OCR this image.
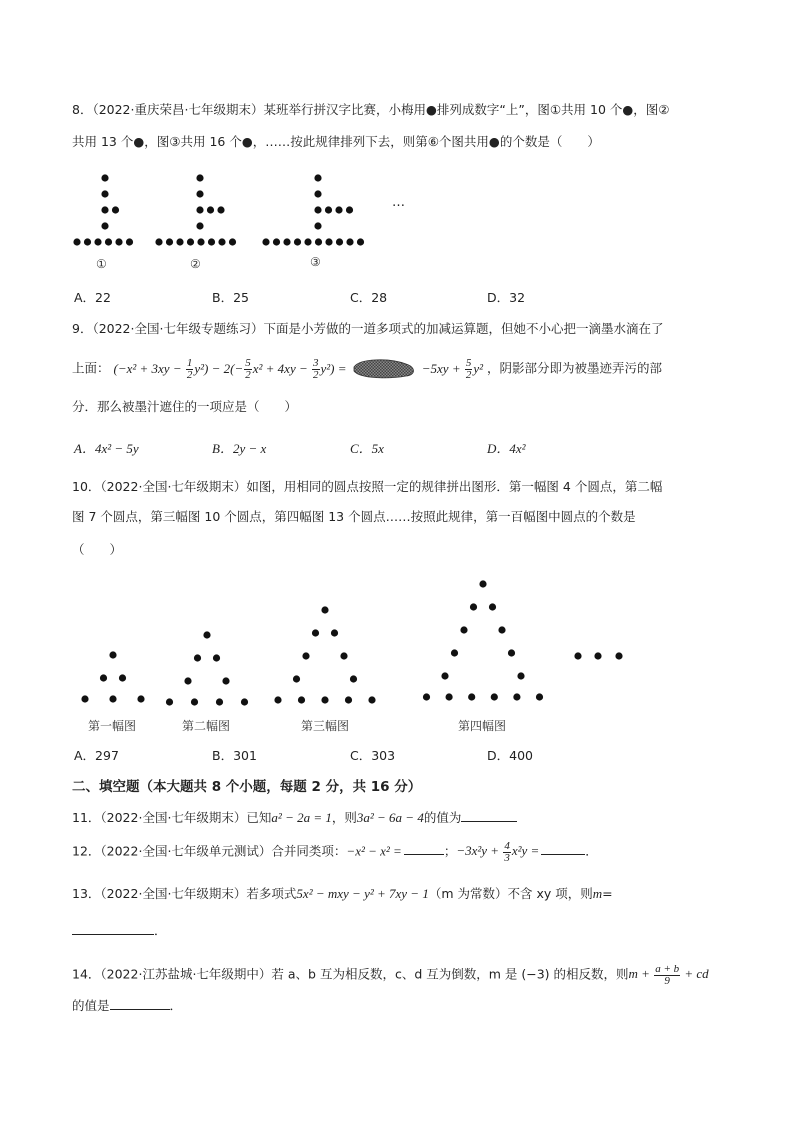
8．（2022·重庆荣昌·七年级期末）某班举行拼汉字比赛，小梅用●排列成数字“上”，图①共用 10 个●，图②
共用 13 个●，图③共用 16 个●，……按此规律排列下去，则第⑥个图共用●的个数是（　　）
①	②	③
…
A．22	B．25	C．28	D．32
9．（2022·全国·七年级专题练习）下面是小芳做的一道多项式的加减运算题，但她不小心把一滴墨水滴在了
上面： $(-x^2 + 3xy - \frac{1}{2} y^2) - 2(- \frac{5}{2} x^2 + 4xy - \frac{3}{2} y^2)$ =	$-5xy + \frac{5}{2} y^2$ ，阴影部分即为被墨迹弄污的部
分．那么被墨汁遮住的一项应是（　　）
A．4x² − 5y	B．2y − x	C．5x	D．4x²
10．（2022·全国·七年级期末）如图，用相同的圆点按照一定的规律拼出图形．第一幅图 4 个圆点，第二幅
图 7 个圆点，第三幅图 10 个圆点，第四幅图 13 个圆点……按照此规律，第一百幅图中圆点的个数是
（　　）
第一幅图	第二幅图	第三幅图	第四幅图
A．297	B．301	C．303	D．400
二、填空题（本大题共 8 个小题，每题 2 分，共 16 分）
11．（2022·全国·七年级期末）已知a² − 2a = 1，则3a² − 6a − 4的值为
12．（2022·全国·七年级单元测试）合并同类项：−x² − x² =	；$-3x^2y + \frac{4}{3} x^2y$ =	．
13．（2022·全国·七年级期末）若多项式5x² − mxy − y² + 7xy − 1（m 为常数）不含 xy 项，则m=
．
14．（2022·江苏盐城·七年级期中）若 a、b 互为相反数，c、d 互为倒数，m 是 (−3) 的相反数，则$m + \frac{a + b}{9}$ + cd
的值是	．
